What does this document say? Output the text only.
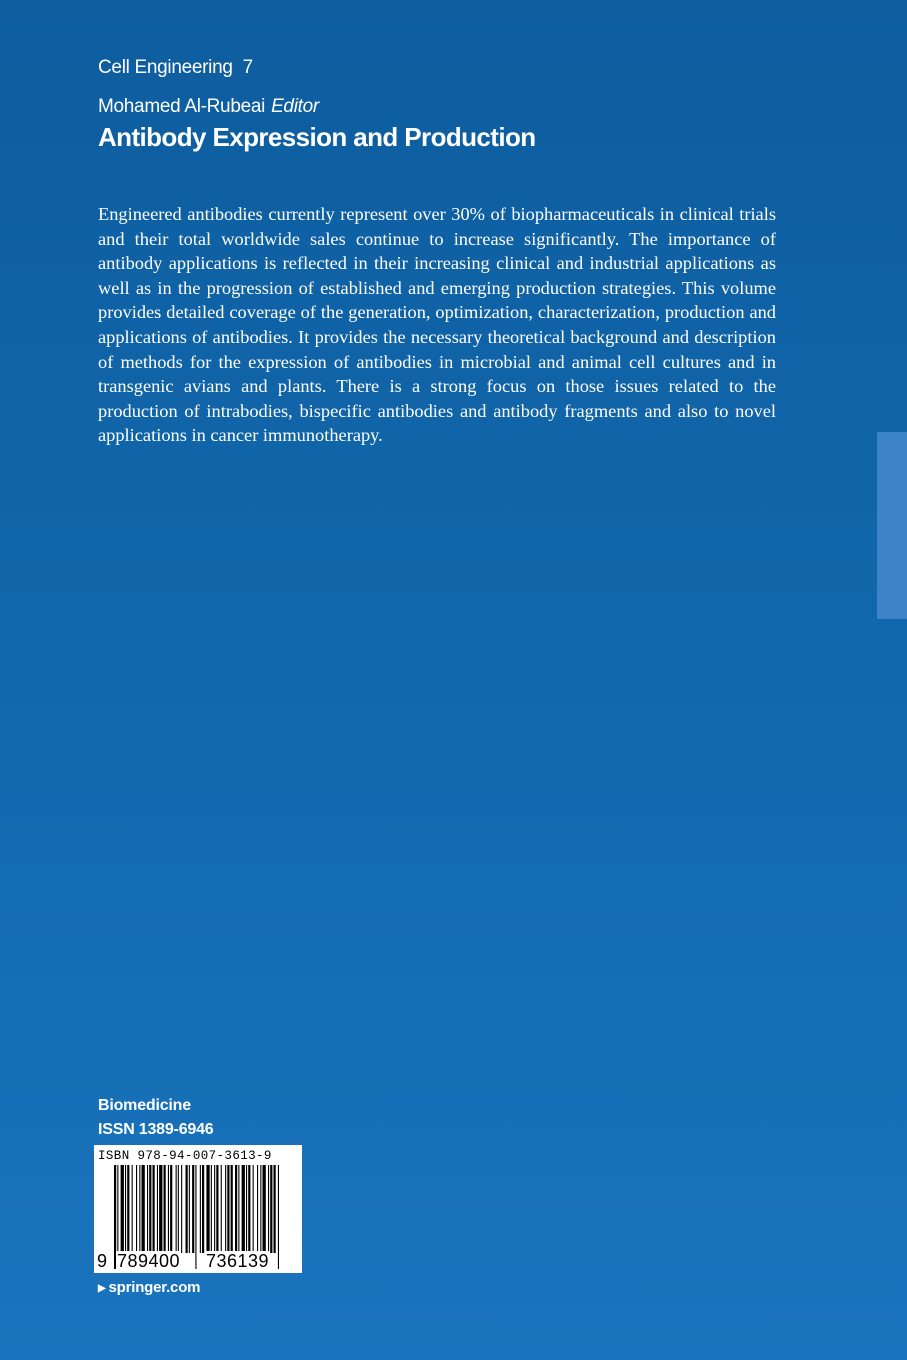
Cell Engineering 7
Mohamed Al-Rubeai Editor
Antibody Expression and Production

Engineered antibodies currently represent over 30% of biopharmaceuticals in clinical trials and their total worldwide sales continue to increase significantly. The importance of antibody applications is reflected in their increasing clinical and industrial applications as well as in the progression of established and emerging production strategies. This volume provides detailed coverage of the generation, optimization, characterization, production and applications of antibodies. It provides the necessary theoretical background and description of methods for the expression of antibodies in microbial and animal cell cultures and in transgenic avians and plants. There is a strong focus on those issues related to the production of intrabodies, bispecific antibodies and antibody fragments and also to novel applications in cancer immunotherapy.

Biomedicine
ISSN 1389-6946
ISBN 978-94-007-3613-9
9 789400 736139
▶ springer.com
